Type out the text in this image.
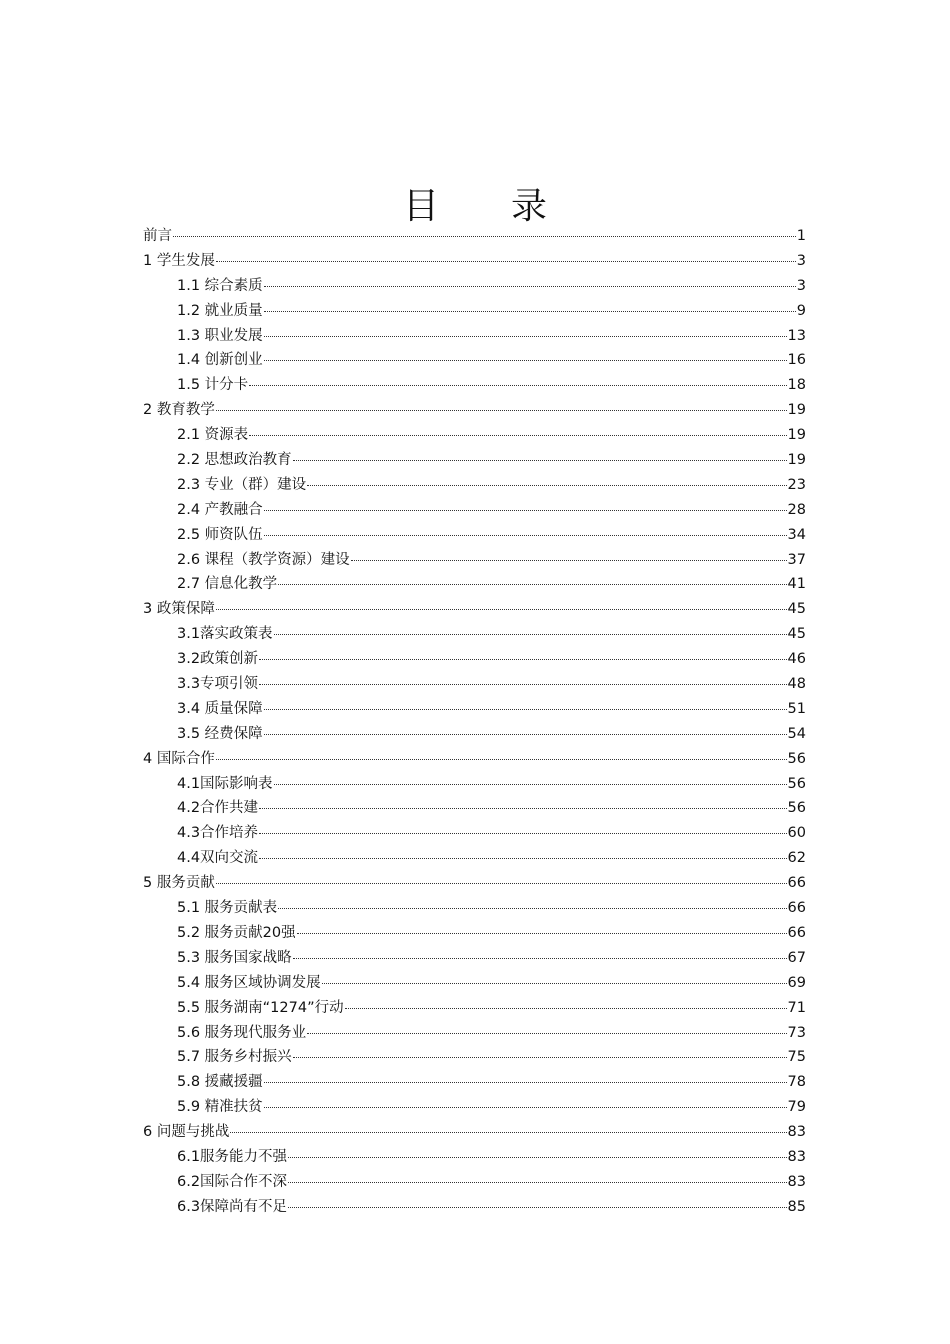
目 录
前言	1
1 学生发展	3
1.1 综合素质	3
1.2 就业质量	9
1.3 职业发展	13
1.4 创新创业	16
1.5 计分卡	18
2 教育教学	19
2.1 资源表	19
2.2 思想政治教育	19
2.3 专业（群）建设	23
2.4 产教融合	28
2.5 师资队伍	34
2.6 课程（教学资源）建设	37
2.7 信息化教学	41
3 政策保障	45
3.1落实政策表	45
3.2政策创新	46
3.3专项引领	48
3.4 质量保障	51
3.5 经费保障	54
4 国际合作	56
4.1国际影响表	56
4.2合作共建	56
4.3合作培养	60
4.4双向交流	62
5 服务贡献	66
5.1 服务贡献表	66
5.2 服务贡献20强	66
5.3 服务国家战略	67
5.4 服务区域协调发展	69
5.5 服务湖南“1274”行动	71
5.6 服务现代服务业	73
5.7 服务乡村振兴	75
5.8 援藏援疆	78
5.9 精准扶贫	79
6 问题与挑战	83
6.1服务能力不强	83
6.2国际合作不深	83
6.3保障尚有不足	85
